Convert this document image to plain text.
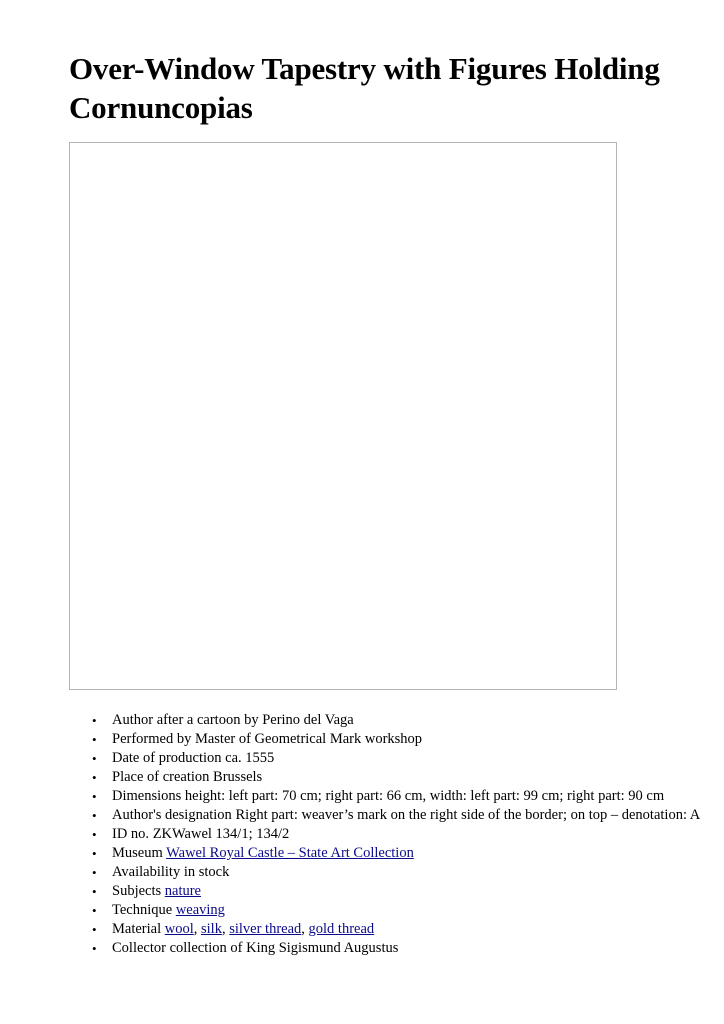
Over-Window Tapestry with Figures Holding Cornuncopias
• Author after a cartoon by Perino del Vaga
• Performed by Master of Geometrical Mark workshop
• Date of production ca. 1555
• Place of creation Brussels
• Dimensions height: left part: 70 cm; right part: 66 cm, width: left part: 99 cm; right part: 90 cm
• Author's designation Right part: weaver’s mark on the right side of the border; on top – denotation: A
• ID no. ZKWawel 134/1; 134/2
• Museum Wawel Royal Castle – State Art Collection
• Availability in stock
• Subjects nature
• Technique weaving
• Material wool, silk, silver thread, gold thread
• Collector collection of King Sigismund Augustus
